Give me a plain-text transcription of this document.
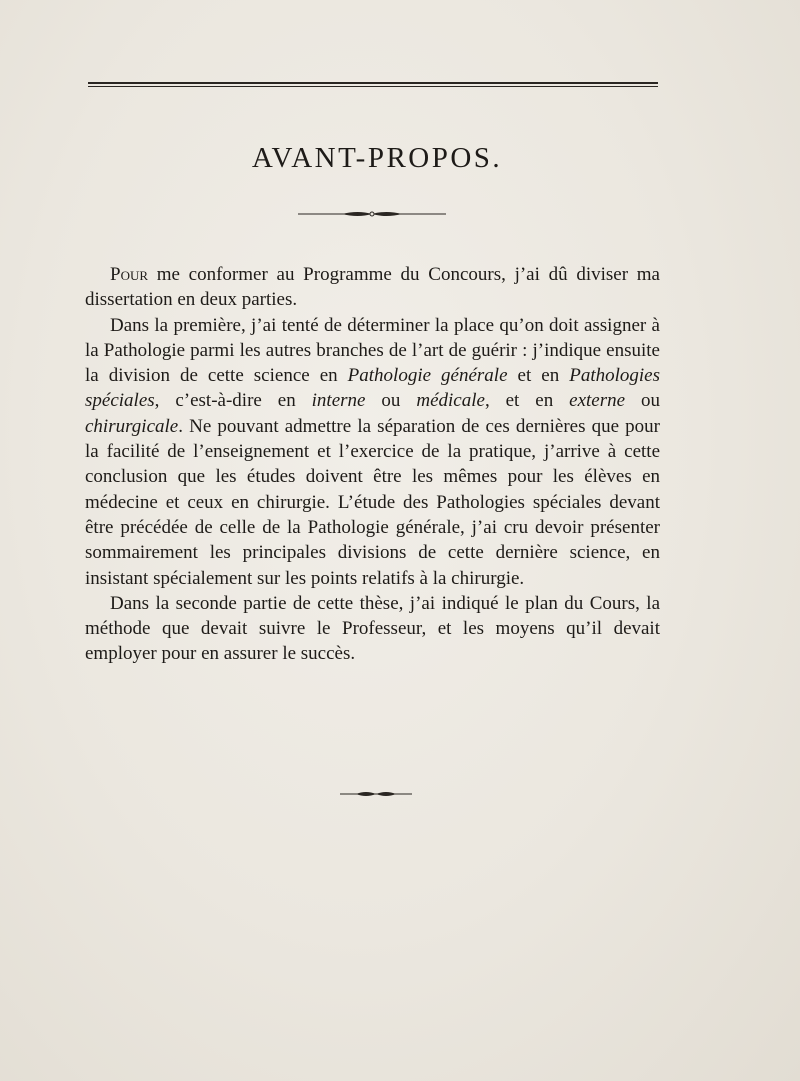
AVANT-PROPOS.

Pour me conformer au Programme du Concours, j’ai dû diviser ma dissertation en deux parties.

Dans la première, j’ai tenté de déterminer la place qu’on doit assigner à la Pathologie parmi les autres branches de l’art de guérir : j’indique ensuite la division de cette science en Pathologie générale et en Pathologies spéciales, c’est-à-dire en interne ou médicale, et en externe ou chirurgicale. Ne pouvant admettre la séparation de ces dernières que pour la facilité de l’enseignement et l’exercice de la pratique, j’arrive à cette conclusion que les études doivent être les mêmes pour les élèves en médecine et ceux en chirurgie. L’étude des Pathologies spéciales devant être précédée de celle de la Pathologie générale, j’ai cru devoir présenter sommairement les principales divisions de cette dernière science, en insistant spécialement sur les points relatifs à la chirurgie.

Dans la seconde partie de cette thèse, j’ai indiqué le plan du Cours, la méthode que devait suivre le Professeur, et les moyens qu’il devait employer pour en assurer le succès.
